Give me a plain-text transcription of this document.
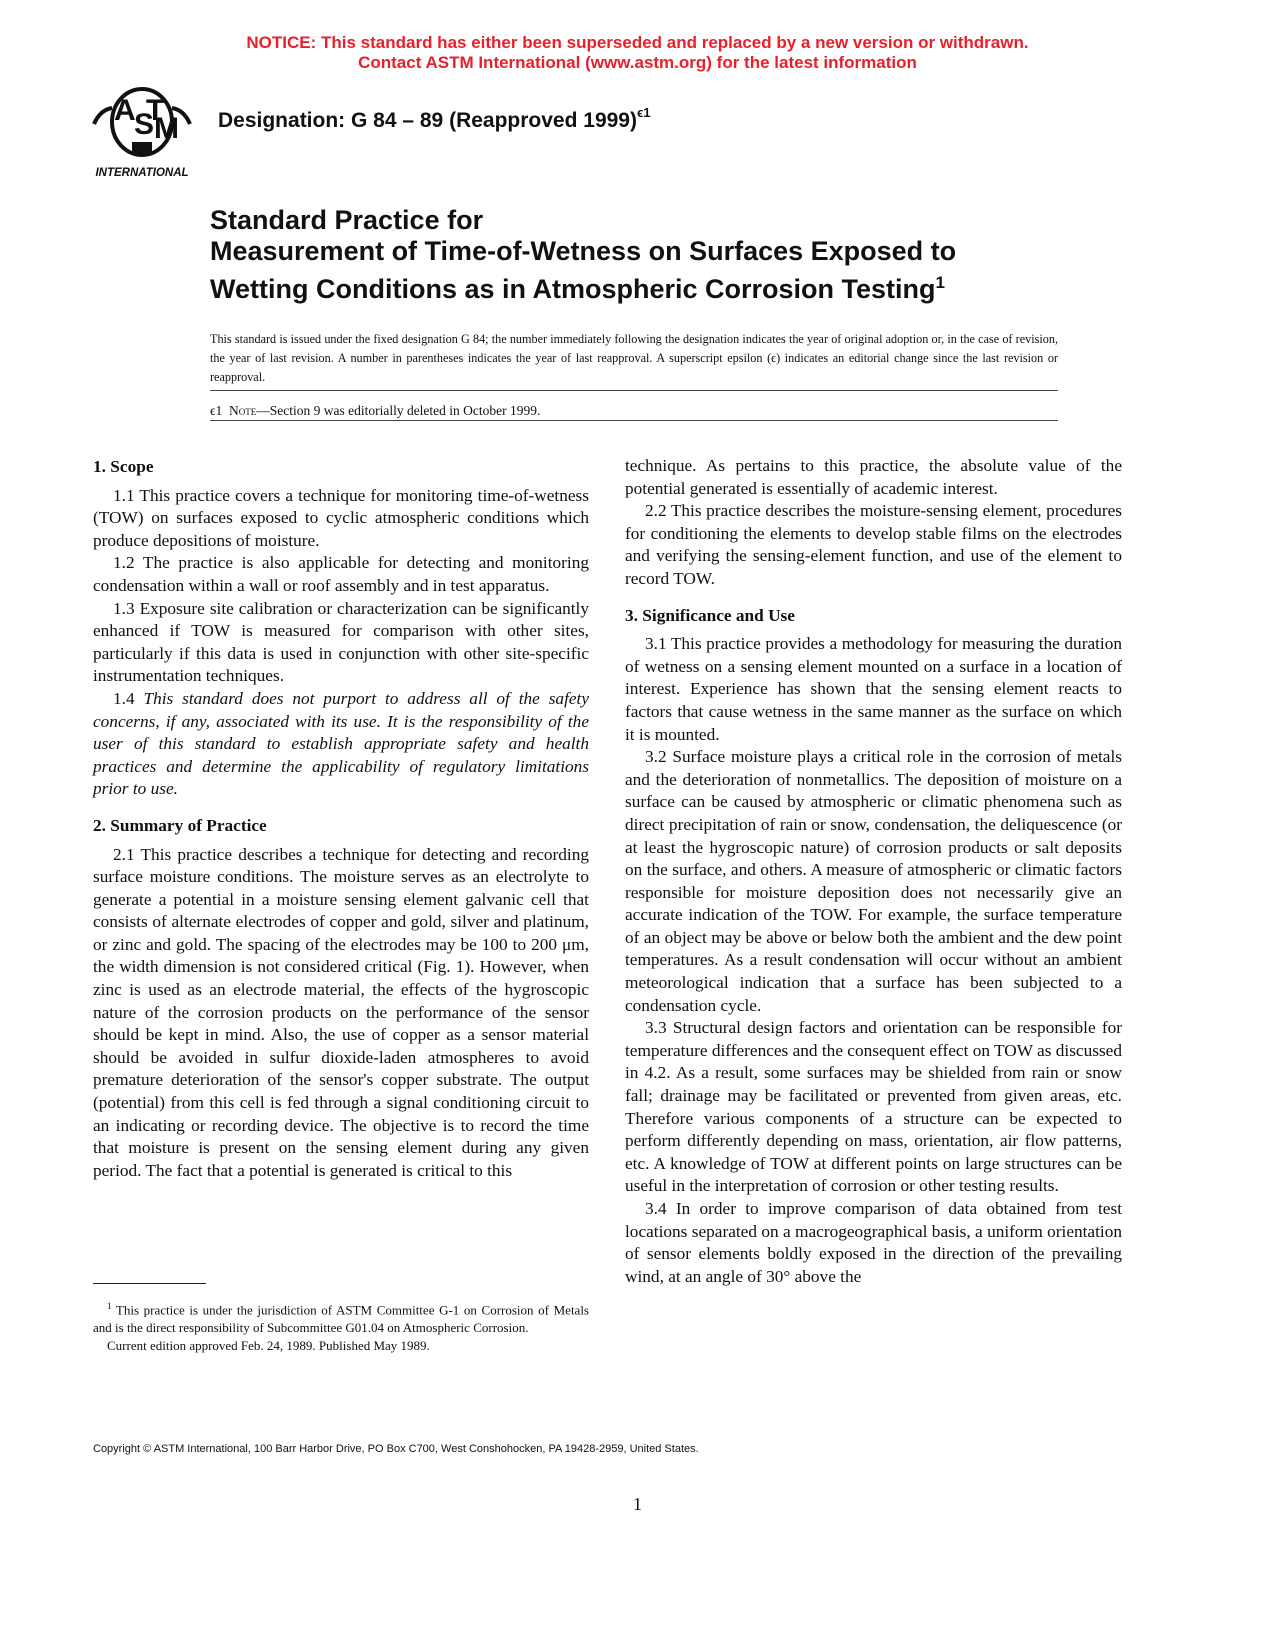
NOTICE: This standard has either been superseded and replaced by a new version or withdrawn.
Contact ASTM International (www.astm.org) for the latest information
A
S
T
M
INTERNATIONAL
Designation: G 84 – 89 (Reapproved 1999)$^{\epsilon 1}$
Standard Practice for
Measurement of Time-of-Wetness on Surfaces Exposed to
Wetting Conditions as in Atmospheric Corrosion Testing$^1$
This standard is issued under the fixed designation G 84; the number immediately following the designation indicates the year of original adoption or, in the case of revision, the year of last revision. A number in parentheses indicates the year of last reapproval. A superscript epsilon (ϵ) indicates an editorial change since the last revision or reapproval.
ϵ1 Note—Section 9 was editorially deleted in October 1999.
1. Scope

1.1 This practice covers a technique for monitoring time-of-wetness (TOW) on surfaces exposed to cyclic atmospheric conditions which produce depositions of moisture.

1.2 The practice is also applicable for detecting and monitoring condensation within a wall or roof assembly and in test apparatus.

1.3 Exposure site calibration or characterization can be significantly enhanced if TOW is measured for comparison with other sites, particularly if this data is used in conjunction with other site-specific instrumentation techniques.

1.4 This standard does not purport to address all of the safety concerns, if any, associated with its use. It is the responsibility of the user of this standard to establish appropriate safety and health practices and determine the applicability of regulatory limitations prior to use.

2. Summary of Practice

2.1 This practice describes a technique for detecting and recording surface moisture conditions. The moisture serves as an electrolyte to generate a potential in a moisture sensing element galvanic cell that consists of alternate electrodes of copper and gold, silver and platinum, or zinc and gold. The spacing of the electrodes may be 100 to 200 μm, the width dimension is not considered critical (Fig. 1). However, when zinc is used as an electrode material, the effects of the hygroscopic nature of the corrosion products on the performance of the sensor should be kept in mind. Also, the use of copper as a sensor material should be avoided in sulfur dioxide-laden atmospheres to avoid premature deterioration of the sensor's copper substrate. The output (potential) from this cell is fed through a signal conditioning circuit to an indicating or recording device. The objective is to record the time that moisture is present on the sensing element during any given period. The fact that a potential is generated is critical to this

technique. As pertains to this practice, the absolute value of the potential generated is essentially of academic interest.

2.2 This practice describes the moisture-sensing element, procedures for conditioning the elements to develop stable films on the electrodes and verifying the sensing-element function, and use of the element to record TOW.

3. Significance and Use

3.1 This practice provides a methodology for measuring the duration of wetness on a sensing element mounted on a surface in a location of interest. Experience has shown that the sensing element reacts to factors that cause wetness in the same manner as the surface on which it is mounted.

3.2 Surface moisture plays a critical role in the corrosion of metals and the deterioration of nonmetallics. The deposition of moisture on a surface can be caused by atmospheric or climatic phenomena such as direct precipitation of rain or snow, condensation, the deliquescence (or at least the hygroscopic nature) of corrosion products or salt deposits on the surface, and others. A measure of atmospheric or climatic factors responsible for moisture deposition does not necessarily give an accurate indication of the TOW. For example, the surface temperature of an object may be above or below both the ambient and the dew point temperatures. As a result condensation will occur without an ambient meteorological indication that a surface has been subjected to a condensation cycle.

3.3 Structural design factors and orientation can be responsible for temperature differences and the consequent effect on TOW as discussed in 4.2. As a result, some surfaces may be shielded from rain or snow fall; drainage may be facilitated or prevented from given areas, etc. Therefore various components of a structure can be expected to perform differently depending on mass, orientation, air flow patterns, etc. A knowledge of TOW at different points on large structures can be useful in the interpretation of corrosion or other testing results.

3.4 In order to improve comparison of data obtained from test locations separated on a macrogeographical basis, a uniform orientation of sensor elements boldly exposed in the direction of the prevailing wind, at an angle of 30° above the

$^1$ This practice is under the jurisdiction of ASTM Committee G-1 on Corrosion of Metals and is the direct responsibility of Subcommittee G01.04 on Atmospheric Corrosion.

Current edition approved Feb. 24, 1989. Published May 1989.

Copyright © ASTM International, 100 Barr Harbor Drive, PO Box C700, West Conshohocken, PA 19428-2959, United States.
1
